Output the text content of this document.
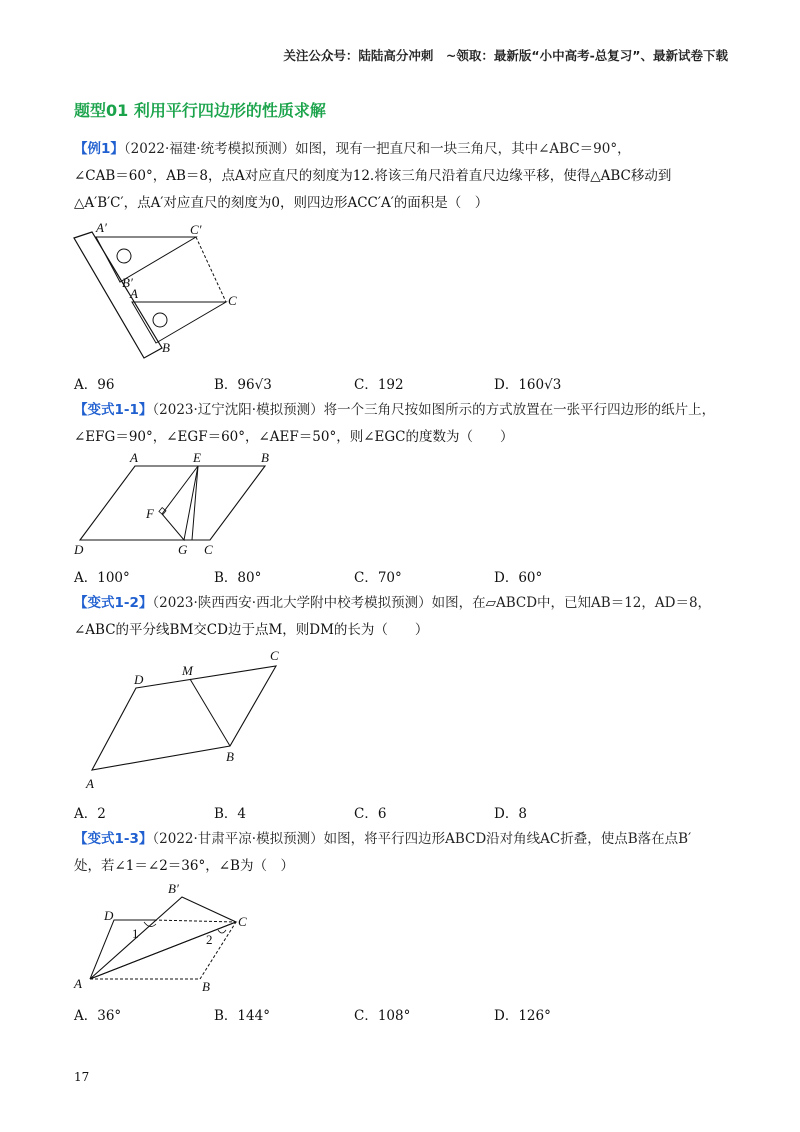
关注公众号：陆陆高分冲刺　~领取：最新版“小中高考-总复习”、最新试卷下载
题型01 利用平行四边形的性质求解
【例1】（2022·福建·统考模拟预测）如图，现有一把直尺和一块三角尺，其中∠ABC＝90°，
∠CAB＝60°，AB＝8，点A对应直尺的刻度为12.将该三角尺沿着直尺边缘平移，使得△ABC移动到
△A′B′C′，点A′对应直尺的刻度为0，则四边形ACC′A′的面积是（　）
A′	C′
B′
A	C
B
A．96	B．96√3	C．192	D．160√3
【变式1-1】（2023·辽宁沈阳·模拟预测）将一个三角尺按如图所示的方式放置在一张平行四边形的纸片上，
∠EFG＝90°，∠EGF＝60°，∠AEF＝50°，则∠EGC的度数为（　　）
A	E	B
F
D	G C
A．100°	B．80°	C．70°	D．60°
【变式1-2】（2023·陕西西安·西北大学附中校考模拟预测）如图，在▱ABCD中，已知AB＝12，AD＝8，
∠ABC的平分线BM交CD边于点M，则DM的长为（　　）
D
M
C
B
A
A．2	B．4	C．6	D．8
【变式1-3】（2022·甘肃平凉·模拟预测）如图，将平行四边形ABCD沿对角线AC折叠，使点B落在点B′
处，若∠1＝∠2＝36°，∠B为（　）
B′
D	C
1	2
A	B
A．36°	B．144°	C．108°	D．126°
17
